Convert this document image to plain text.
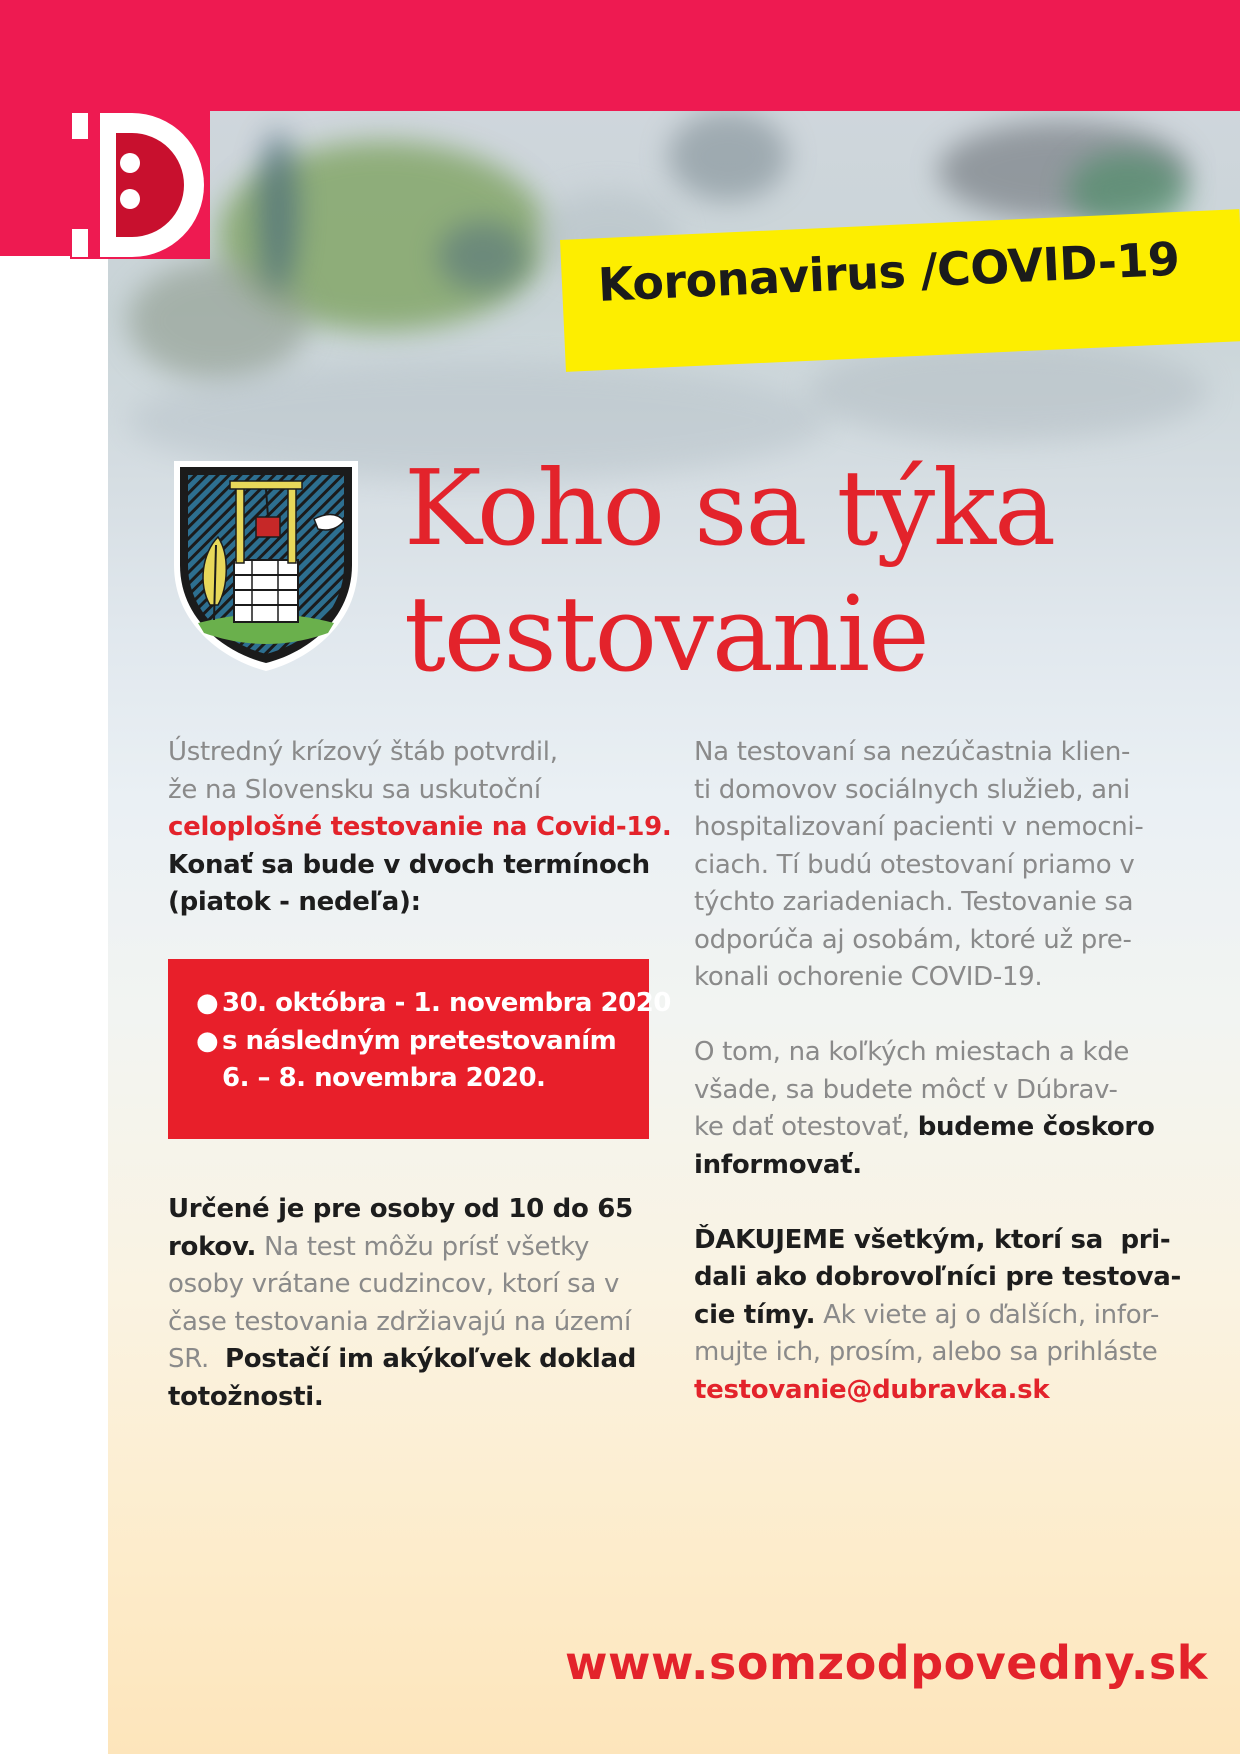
Koronavirus /COVID-19
Koho sa týka
testovanie

Ústredný krízový štáb potvrdil,
že na Slovensku sa uskutoční
celoplošné testovanie na Covid-19.
Konať sa bude v dvoch termínoch
(piatok - nedeľa):

● 30. októbra - 1. novembra 2020
● s následným pretestovaním
6. – 8. novembra 2020.

Určené je pre osoby od 10 do 65
rokov. Na test môžu prísť všetky
osoby vrátane cudzincov, ktorí sa v
čase testovania zdržiavajú na území
SR.  Postačí im akýkoľvek doklad
totožnosti.

Na testovaní sa nezúčastnia klien-
ti domovov sociálnych služieb, ani
hospitalizovaní pacienti v nemocni-
ciach. Tí budú otestovaní priamo v
týchto zariadeniach. Testovanie sa
odporúča aj osobám, ktoré už pre-
konali ochorenie COVID-19.

O tom, na koľkých miestach a kde
všade, sa budete môcť v Dúbrav-
ke dať otestovať, budeme čoskoro
informovať.

ĎAKUJEME všetkým, ktorí sa  pri-
dali ako dobrovoľníci pre testova-
cie tímy. Ak viete aj o ďalších, infor-
mujte ich, prosím, alebo sa prihláste
testovanie@dubravka.sk

www.somzodpovedny.sk
